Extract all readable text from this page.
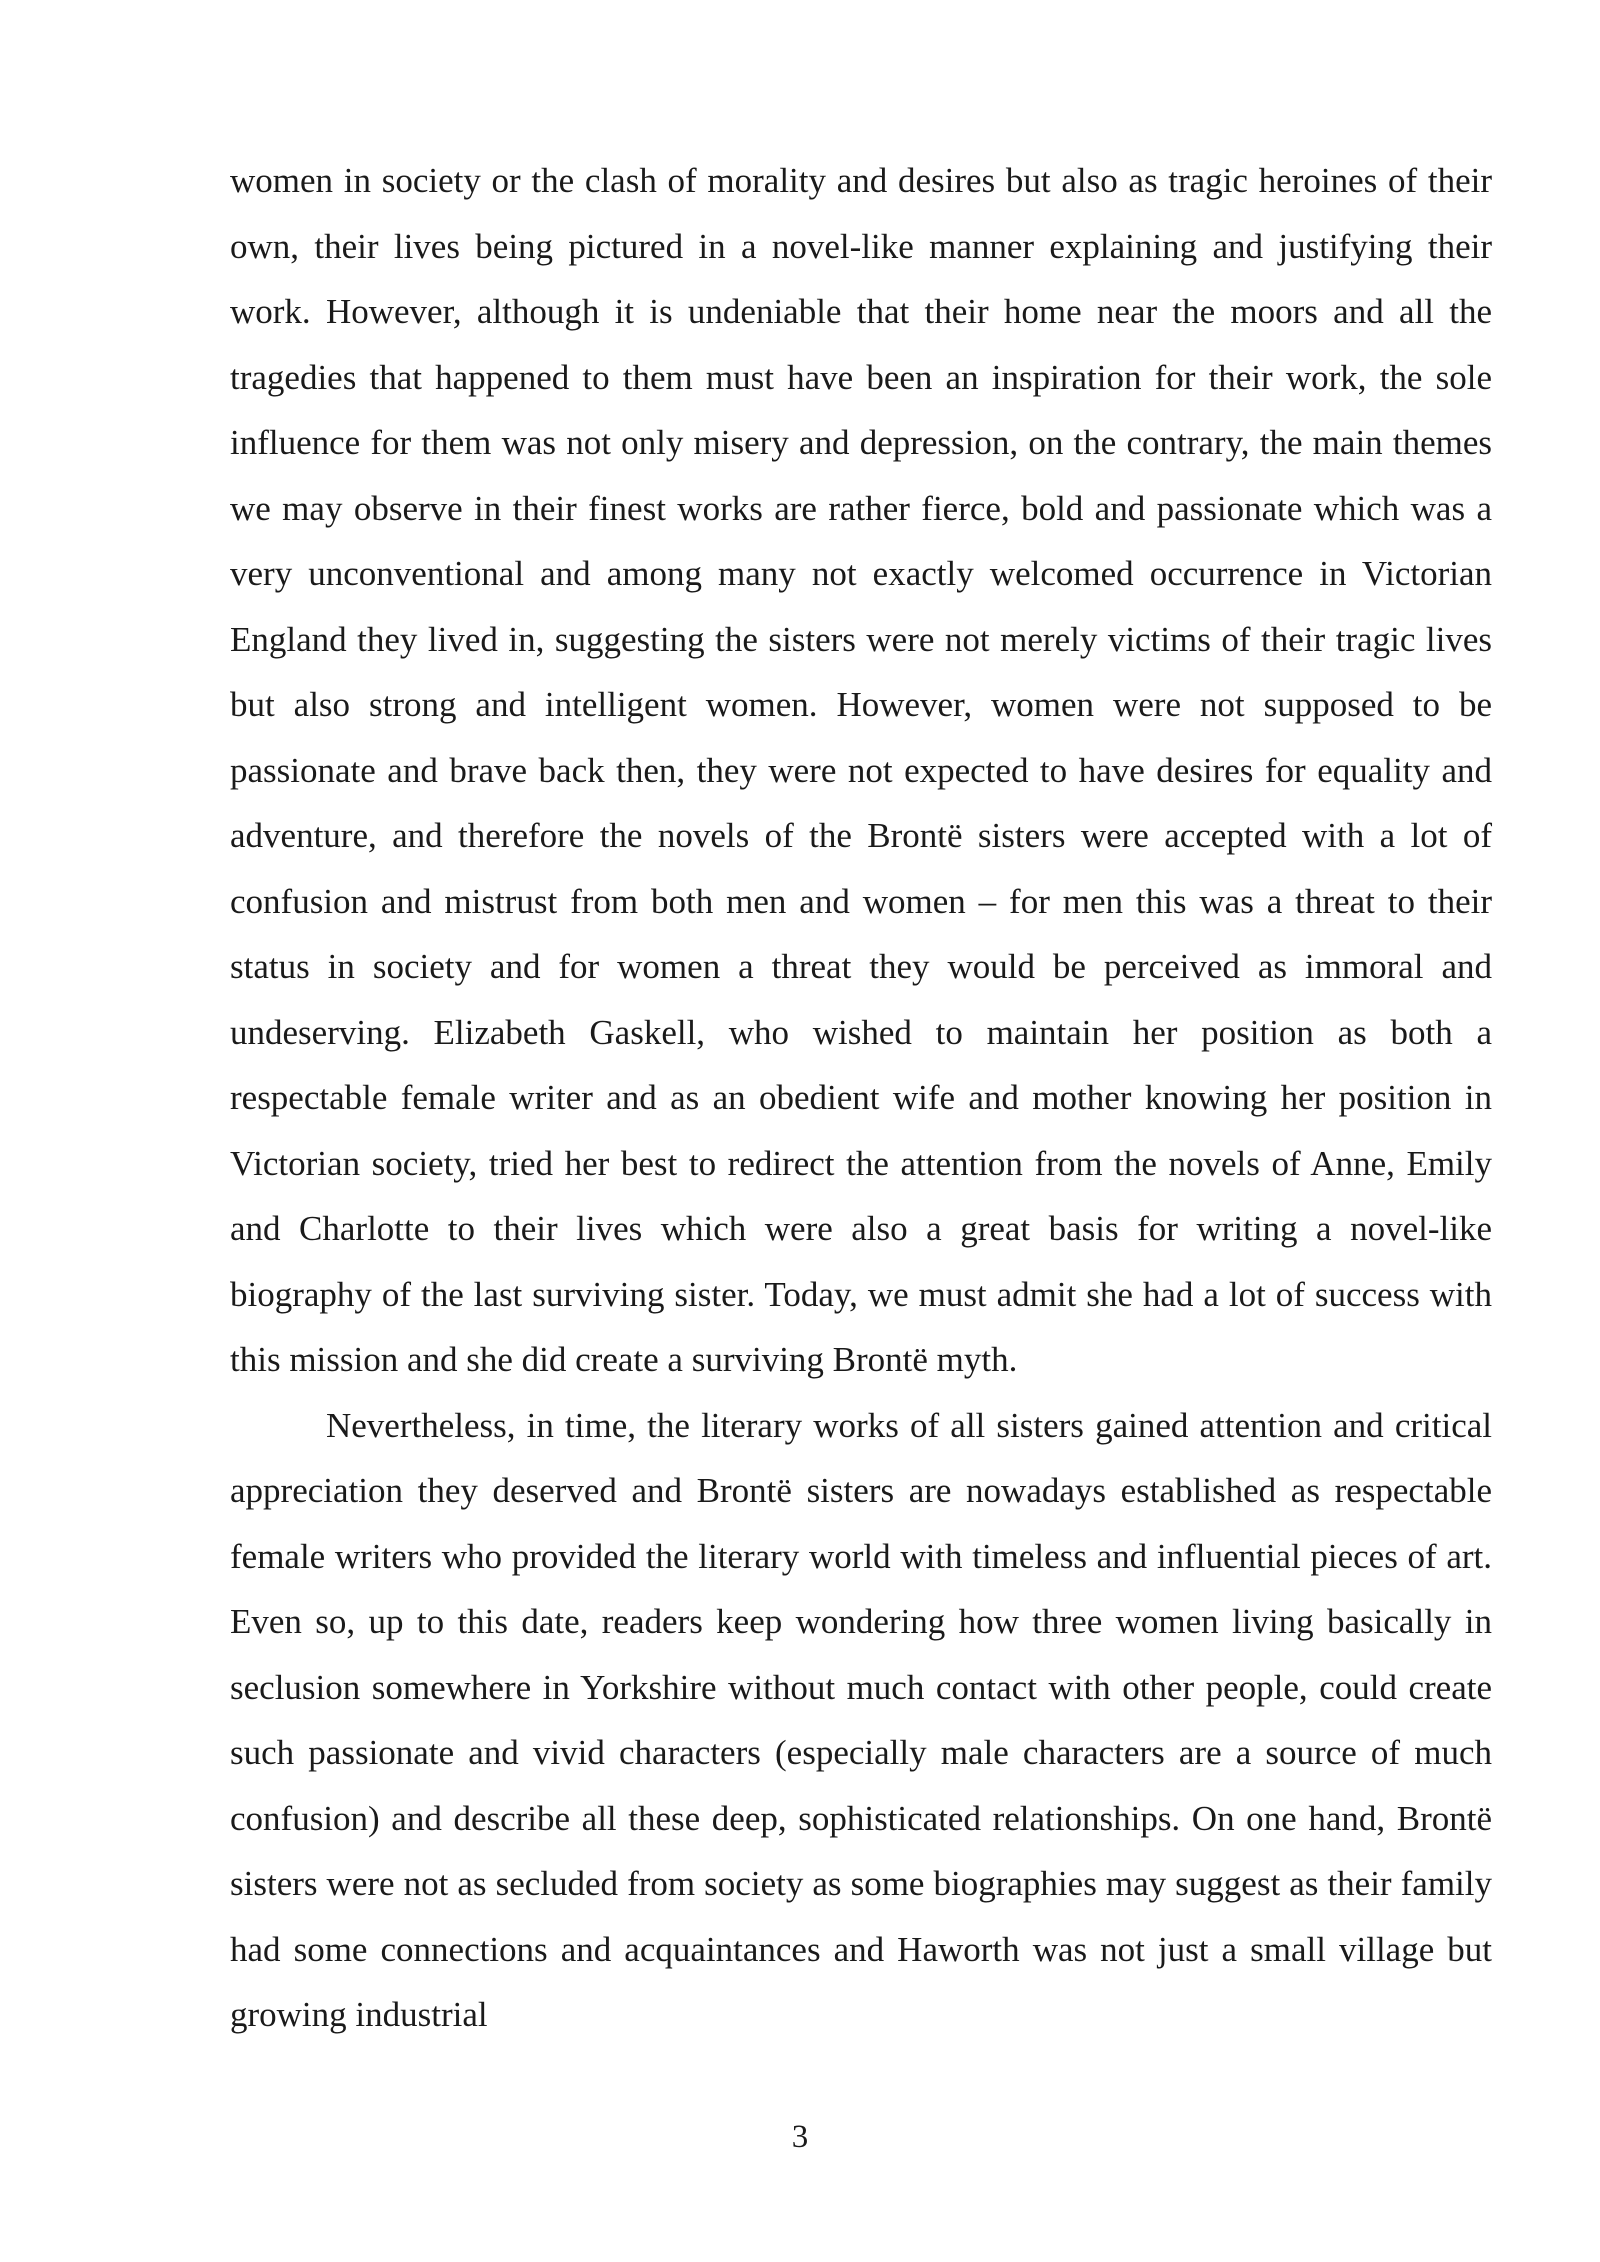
women in society or the clash of morality and desires but also as tragic heroines of their own, their lives being pictured in a novel-like manner explaining and justifying their work. However, although it is undeniable that their home near the moors and all the tragedies that happened to them must have been an inspiration for their work, the sole influence for them was not only misery and depression, on the contrary, the main themes we may observe in their finest works are rather fierce, bold and passionate which was a very unconventional and among many not exactly welcomed occurrence in Victorian England they lived in, suggesting the sisters were not merely victims of their tragic lives but also strong and intelligent women. However, women were not supposed to be passionate and brave back then, they were not expected to have desires for equality and adventure, and therefore the novels of the Brontë sisters were accepted with a lot of confusion and mistrust from both men and women – for men this was a threat to their status in society and for women a threat they would be perceived as immoral and undeserving. Elizabeth Gaskell, who wished to maintain her position as both a respectable female writer and as an obedient wife and mother knowing her position in Victorian society, tried her best to redirect the attention from the novels of Anne, Emily and Charlotte to their lives which were also a great basis for writing a novel-like biography of the last surviving sister. Today, we must admit she had a lot of success with this mission and she did create a surviving Brontë myth.

Nevertheless, in time, the literary works of all sisters gained attention and critical appreciation they deserved and Brontë sisters are nowadays established as respectable female writers who provided the literary world with timeless and influential pieces of art. Even so, up to this date, readers keep wondering how three women living basically in seclusion somewhere in Yorkshire without much contact with other people, could create such passionate and vivid characters (especially male characters are a source of much confusion) and describe all these deep, sophisticated relationships. On one hand, Brontë sisters were not as secluded from society as some biographies may suggest as their family had some connections and acquaintances and Haworth was not just a small village but growing industrial

3
